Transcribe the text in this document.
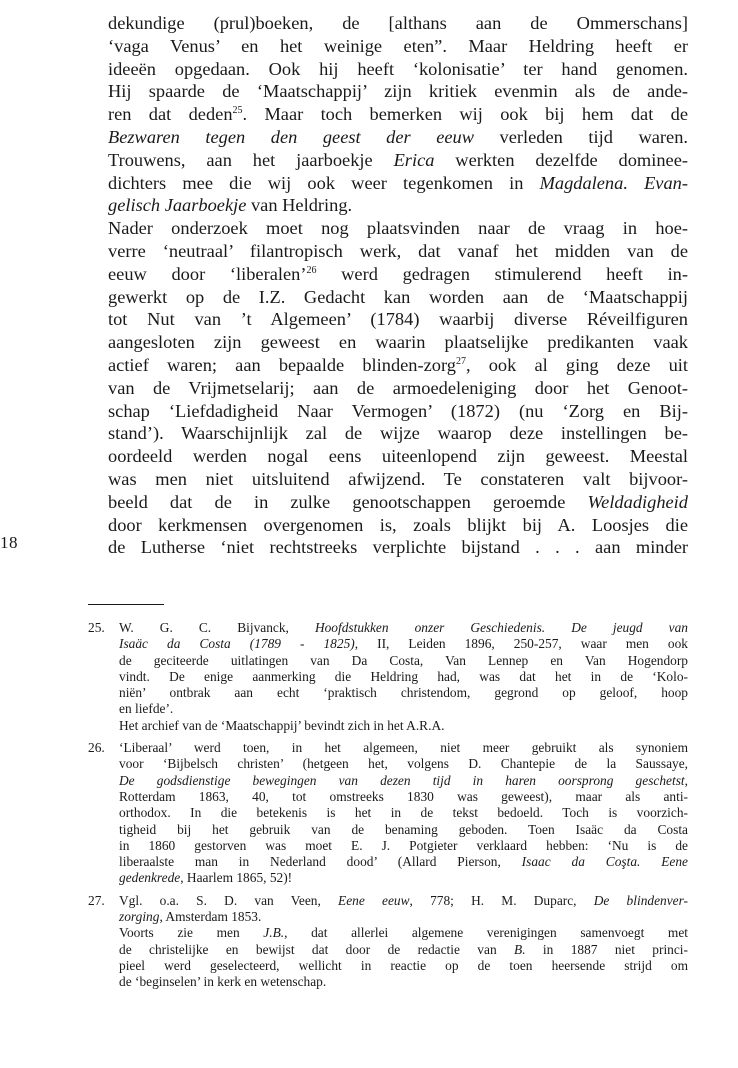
18
dekundige (prul)boeken, de [althans aan de Ommerschans]
‘vaga Venus’ en het weinige eten”. Maar Heldring heeft er
ideeën opgedaan. Ook hij heeft ‘kolonisatie’ ter hand genomen.
Hij spaarde de ‘Maatschappij’ zijn kritiek evenmin als de ande-
ren dat deden$^{25}$. Maar toch bemerken wij ook bij hem dat de
Bezwaren tegen den geest der eeuw verleden tijd waren.
Trouwens, aan het jaarboekje Erica werkten dezelfde dominee-
dichters mee die wij ook weer tegenkomen in Magdalena. Evan-
gelisch Jaarboekje van Heldring.
Nader onderzoek moet nog plaatsvinden naar de vraag in hoe-
verre ‘neutraal’ filantropisch werk, dat vanaf het midden van de
eeuw door ‘liberalen’$^{26}$ werd gedragen stimulerend heeft in-
gewerkt op de I.Z. Gedacht kan worden aan de ‘Maatschappij
tot Nut van ’t Algemeen’ (1784) waarbij diverse Réveilfiguren
aangesloten zijn geweest en waarin plaatselijke predikanten vaak
actief waren; aan bepaalde blinden-zorg$^{27}$, ook al ging deze uit
van de Vrijmetselarij; aan de armoedeleniging door het Genoot-
schap ‘Liefdadigheid Naar Vermogen’ (1872) (nu ‘Zorg en Bij-
stand’). Waarschijnlijk zal de wijze waarop deze instellingen be-
oordeeld werden nogal eens uiteenlopend zijn geweest. Meestal
was men niet uitsluitend afwijzend. Te constateren valt bijvoor-
beeld dat de in zulke genootschappen geroemde Weldadigheid
door kerkmensen overgenomen is, zoals blijkt bij A. Loosjes die
de Lutherse ‘niet rechtstreeks verplichte bijstand . . . aan minder
25. W. G. C. Bijvanck, Hoofdstukken onzer Geschiedenis. De jeugd van
Isaäc da Costa (1789 - 1825), II, Leiden 1896, 250-257, waar men ook
de geciteerde uitlatingen van Da Costa, Van Lennep en Van Hogendorp
vindt. De enige aanmerking die Heldring had, was dat het in de ‘Kolo-
niën’ ontbrak aan echt ‘praktisch christendom, gegrond op geloof, hoop
en liefde’.
Het archief van de ‘Maatschappij’ bevindt zich in het A.R.A.
26. ‘Liberaal’ werd toen, in het algemeen, niet meer gebruikt als synoniem
voor ‘Bijbelsch christen’ (hetgeen het, volgens D. Chantepie de la Saussaye,
De godsdienstige bewegingen van dezen tijd in haren oorsprong geschetst,
Rotterdam 1863, 40, tot omstreeks 1830 was geweest), maar als anti-
orthodox. In die betekenis is het in de tekst bedoeld. Toch is voorzich-
tigheid bij het gebruik van de benaming geboden. Toen Isaäc da Costa
in 1860 gestorven was moet E. J. Potgieter verklaard hebben: ‘Nu is de
liberaalste man in Nederland dood’ (Allard Pierson, Isaac da Coşta. Eene
gedenkrede, Haarlem 1865, 52)!
27. Vgl. o.a. S. D. van Veen, Eene eeuw, 778; H. M. Duparc, De blindenver-
zorging, Amsterdam 1853.
Voorts zie men J.B., dat allerlei algemene verenigingen samenvoegt met
de christelijke en bewijst dat door de redactie van B. in 1887 niet princi-
pieel werd geselecteerd, wellicht in reactie op de toen heersende strijd om
de ‘beginselen’ in kerk en wetenschap.
